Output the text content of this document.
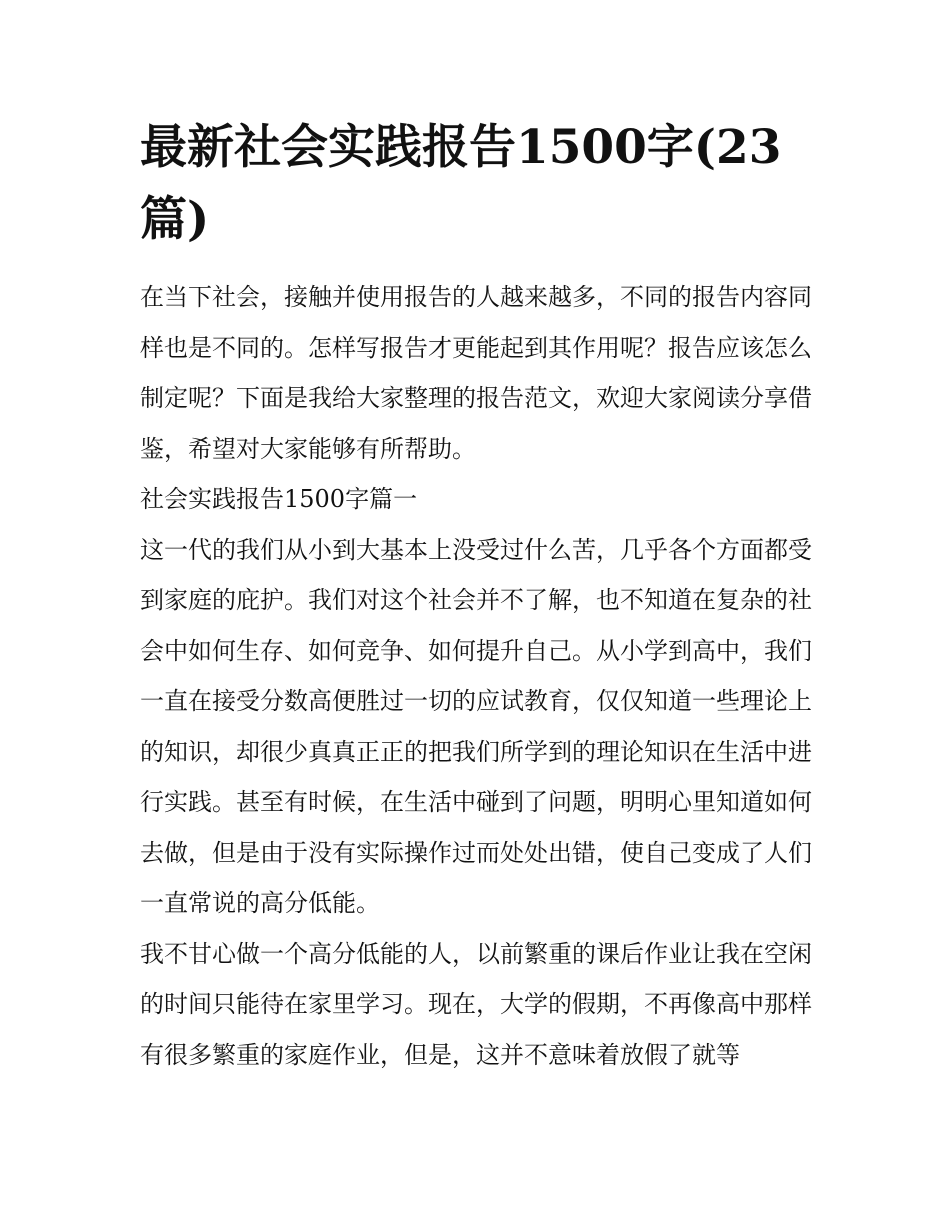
最新社会实践报告1500字(23篇)

在当下社会，接触并使用报告的人越来越多，不同的报告内容同样也是不同的。怎样写报告才更能起到其作用呢？报告应该怎么制定呢？下面是我给大家整理的报告范文，欢迎大家阅读分享借鉴，希望对大家能够有所帮助。

社会实践报告1500字篇一

这一代的我们从小到大基本上没受过什么苦，几乎各个方面都受到家庭的庇护。我们对这个社会并不了解，也不知道在复杂的社会中如何生存、如何竞争、如何提升自己。从小学到高中，我们一直在接受分数高便胜过一切的应试教育，仅仅知道一些理论上的知识，却很少真真正正的把我们所学到的理论知识在生活中进行实践。甚至有时候，在生活中碰到了问题，明明心里知道如何去做，但是由于没有实际操作过而处处出错，使自己变成了人们一直常说的高分低能。

我不甘心做一个高分低能的人，以前繁重的课后作业让我在空闲的时间只能待在家里学习。现在，大学的假期，不再像高中那样有很多繁重的家庭作业，但是，这并不意味着放假了就等
